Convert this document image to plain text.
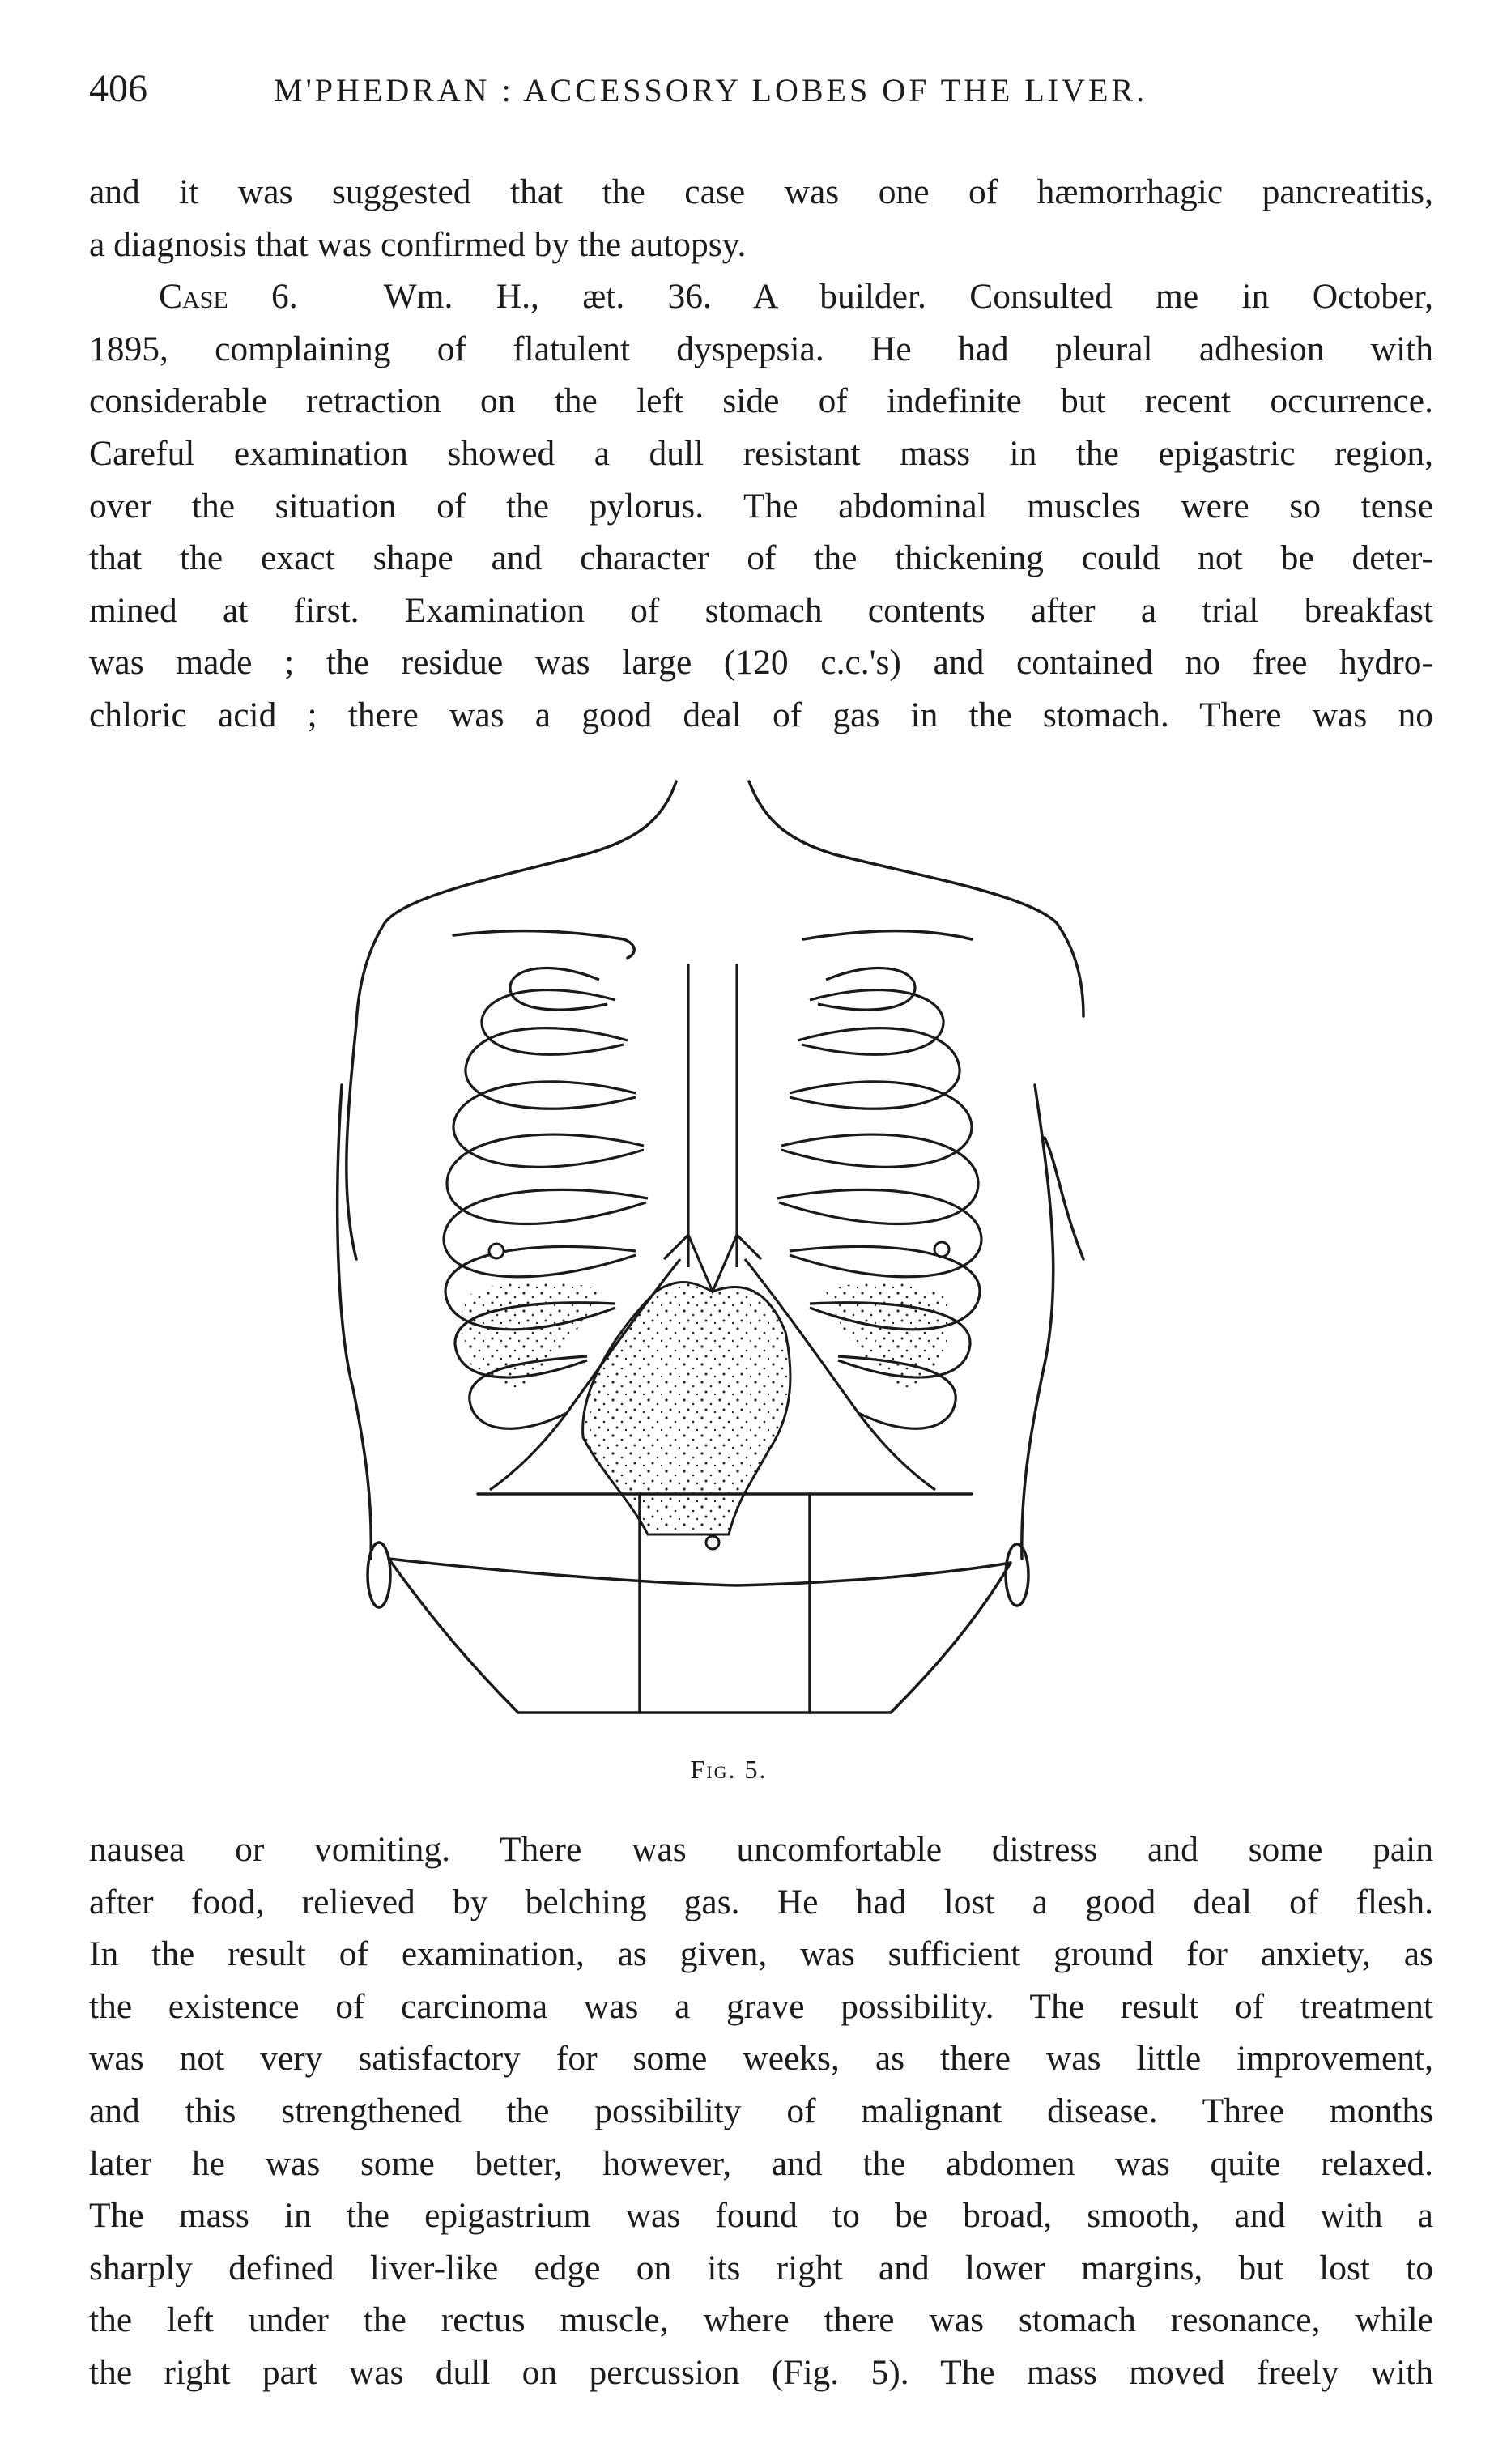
406	M'PHEDRAN : ACCESSORY LOBES OF THE LIVER.
and it was suggested that the case was one of hæmorrhagic pancreatitis,
a diagnosis that was confirmed by the autopsy.
Case 6. Wm. H., æt. 36. A builder. Consulted me in October,
1895, complaining of flatulent dyspepsia. He had pleural adhesion with
considerable retraction on the left side of indefinite but recent occurrence.
Careful examination showed a dull resistant mass in the epigastric region,
over the situation of the pylorus. The abdominal muscles were so tense
that the exact shape and character of the thickening could not be deter-
mined at first. Examination of stomach contents after a trial breakfast
was made ; the residue was large (120 c.c.'s) and contained no free hydro-
chloric acid ; there was a good deal of gas in the stomach. There was no
Fig. 5.
nausea or vomiting. There was uncomfortable distress and some pain
after food, relieved by belching gas. He had lost a good deal of flesh.
In the result of examination, as given, was sufficient ground for anxiety, as
the existence of carcinoma was a grave possibility. The result of treatment
was not very satisfactory for some weeks, as there was little improvement,
and this strengthened the possibility of malignant disease. Three months
later he was some better, however, and the abdomen was quite relaxed.
The mass in the epigastrium was found to be broad, smooth, and with a
sharply defined liver-like edge on its right and lower margins, but lost to
the left under the rectus muscle, where there was stomach resonance, while
the right part was dull on percussion (Fig. 5). The mass moved freely with
